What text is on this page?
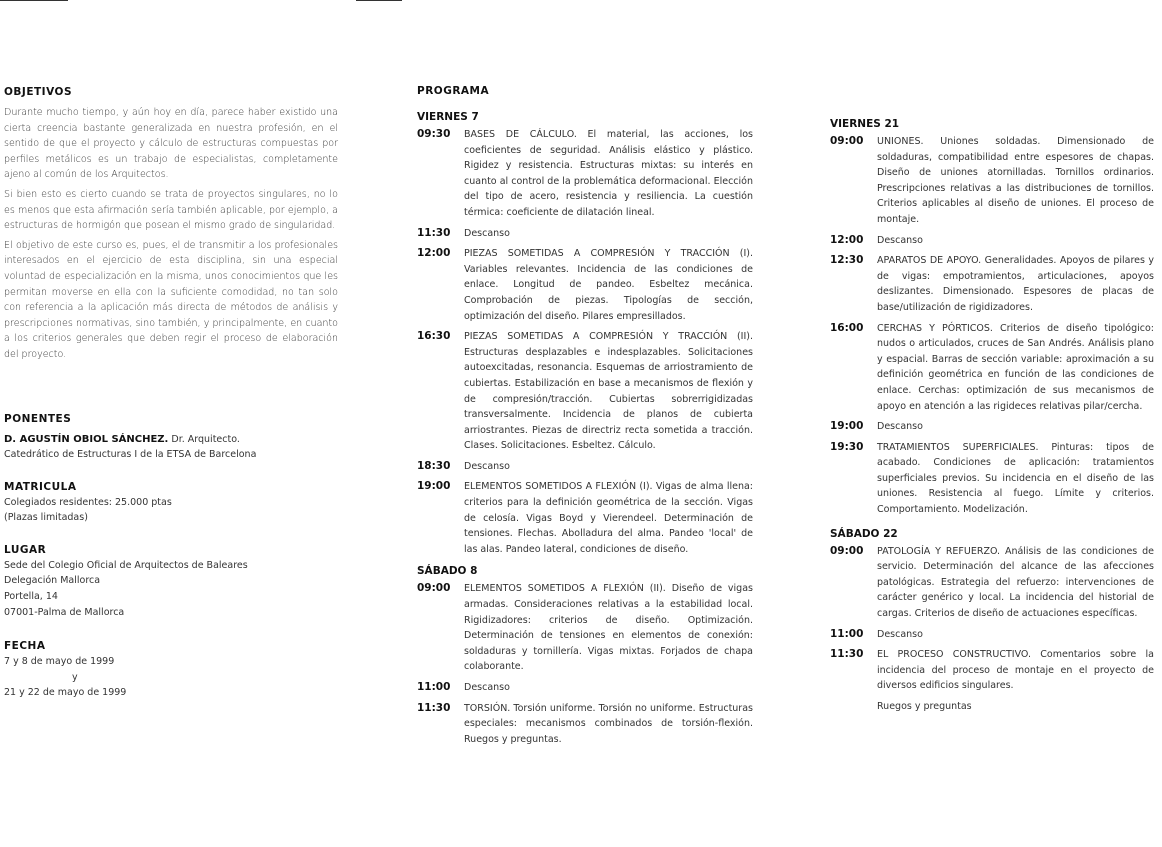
OBJETIVOS

Durante mucho tiempo, y aún hoy en día, parece haber existido una cierta creencia bastante generalizada en nuestra profesión, en el sentido de que el proyecto y cálculo de estructuras compuestas por perfiles metálicos es un trabajo de especialistas, completamente ajeno al común de los Arquitectos.

Si bien esto es cierto cuando se trata de proyectos singulares, no lo es menos que esta afirmación sería también aplicable, por ejemplo, a estructuras de hormigón que posean el mismo grado de singularidad.

El objetivo de este curso es, pues, el de transmitir a los profesionales interesados en el ejercicio de esta disciplina, sin una especial voluntad de especialización en la misma, unos conocimientos que les permitan moverse en ella con la suficiente comodidad, no tan solo con referencia a la aplicación más directa de métodos de análisis y prescripciones normativas, sino también, y principalmente, en cuanto a los criterios generales que deben regir el proceso de elaboración del proyecto.

PONENTES
D. AGUSTÍN OBIOL SÁNCHEZ. Dr. Arquitecto.
Catedrático de Estructuras I de la ETSA de Barcelona
MATRICULA
Colegiados residentes: 25.000 ptas
(Plazas limitadas)
LUGAR
Sede del Colegio Oficial de Arquitectos de Baleares
Delegación Mallorca
Portella, 14
07001-Palma de Mallorca
FECHA
7 y 8 de mayo de 1999
y
21 y 22 de mayo de 1999
PROGRAMA
VIERNES 7
09:30	BASES DE CÁLCULO. El material, las acciones, los coeficientes de seguridad. Análisis elástico y plástico. Rigidez y resistencia. Estructuras mixtas: su interés en cuanto al control de la problemática deformacional. Elección del tipo de acero, resistencia y resiliencia. La cuestión térmica: coeficiente de dilatación lineal.
11:30	Descanso
12:00	PIEZAS SOMETIDAS A COMPRESIÓN Y TRACCIÓN (I). Variables relevantes. Incidencia de las condiciones de enlace. Longitud de pandeo. Esbeltez mecánica. Comprobación de piezas. Tipologías de sección, optimización del diseño. Pilares empresillados.
16:30	PIEZAS SOMETIDAS A COMPRESIÓN Y TRACCIÓN (II). Estructuras desplazables e indesplazables. Solicitaciones autoexcitadas, resonancia. Esquemas de arriostramiento de cubiertas. Estabilización en base a mecanismos de flexión y de compresión/tracción. Cubiertas sobrerrigidizadas transversalmente. Incidencia de planos de cubierta arriostrantes. Piezas de directriz recta sometida a tracción. Clases. Solicitaciones. Esbeltez. Cálculo.
18:30	Descanso
19:00	ELEMENTOS SOMETIDOS A FLEXIÓN (I). Vigas de alma llena: criterios para la definición geométrica de la sección. Vigas de celosía. Vigas Boyd y Vierendeel. Determinación de tensiones. Flechas. Abolladura del alma. Pandeo 'local' de las alas. Pandeo lateral, condiciones de diseño.
SÁBADO 8
09:00	ELEMENTOS SOMETIDOS A FLEXIÓN (II). Diseño de vigas armadas. Consideraciones relativas a la estabilidad local. Rigidizadores: criterios de diseño. Optimización. Determinación de tensiones en elementos de conexión: soldaduras y tornillería. Vigas mixtas. Forjados de chapa colaborante.
11:00	Descanso
11:30	TORSIÓN. Torsión uniforme. Torsión no uniforme. Estructuras especiales: mecanismos combinados de torsión-flexión. Ruegos y preguntas.
VIERNES 21
09:00	UNIONES. Uniones soldadas. Dimensionado de soldaduras, compatibilidad entre espesores de chapas. Diseño de uniones atornilladas. Tornillos ordinarios. Prescripciones relativas a las distribuciones de tornillos. Criterios aplicables al diseño de uniones. El proceso de montaje.
12:00	Descanso
12:30	APARATOS DE APOYO. Generalidades. Apoyos de pilares y de vigas: empotramientos, articulaciones, apoyos deslizantes. Dimensionado. Espesores de placas de base/utilización de rigidizadores.
16:00	CERCHAS Y PÓRTICOS. Criterios de diseño tipológico: nudos o articulados, cruces de San Andrés. Análisis plano y espacial. Barras de sección variable: aproximación a su definición geométrica en función de las condiciones de enlace. Cerchas: optimización de sus mecanismos de apoyo en atención a las rigideces relativas pilar/cercha.
19:00	Descanso
19:30	TRATAMIENTOS SUPERFICIALES. Pinturas: tipos de acabado. Condiciones de aplicación: tratamientos superficiales previos. Su incidencia en el diseño de las uniones. Resistencia al fuego. Límite y criterios. Comportamiento. Modelización.
SÁBADO 22
09:00	PATOLOGÍA Y REFUERZO. Análisis de las condiciones de servicio. Determinación del alcance de las afecciones patológicas. Estrategia del refuerzo: intervenciones de carácter genérico y local. La incidencia del historial de cargas. Criterios de diseño de actuaciones específicas.
11:00	Descanso
11:30	EL PROCESO CONSTRUCTIVO. Comentarios sobre la incidencia del proceso de montaje en el proyecto de diversos edificios singulares.
Ruegos y preguntas
